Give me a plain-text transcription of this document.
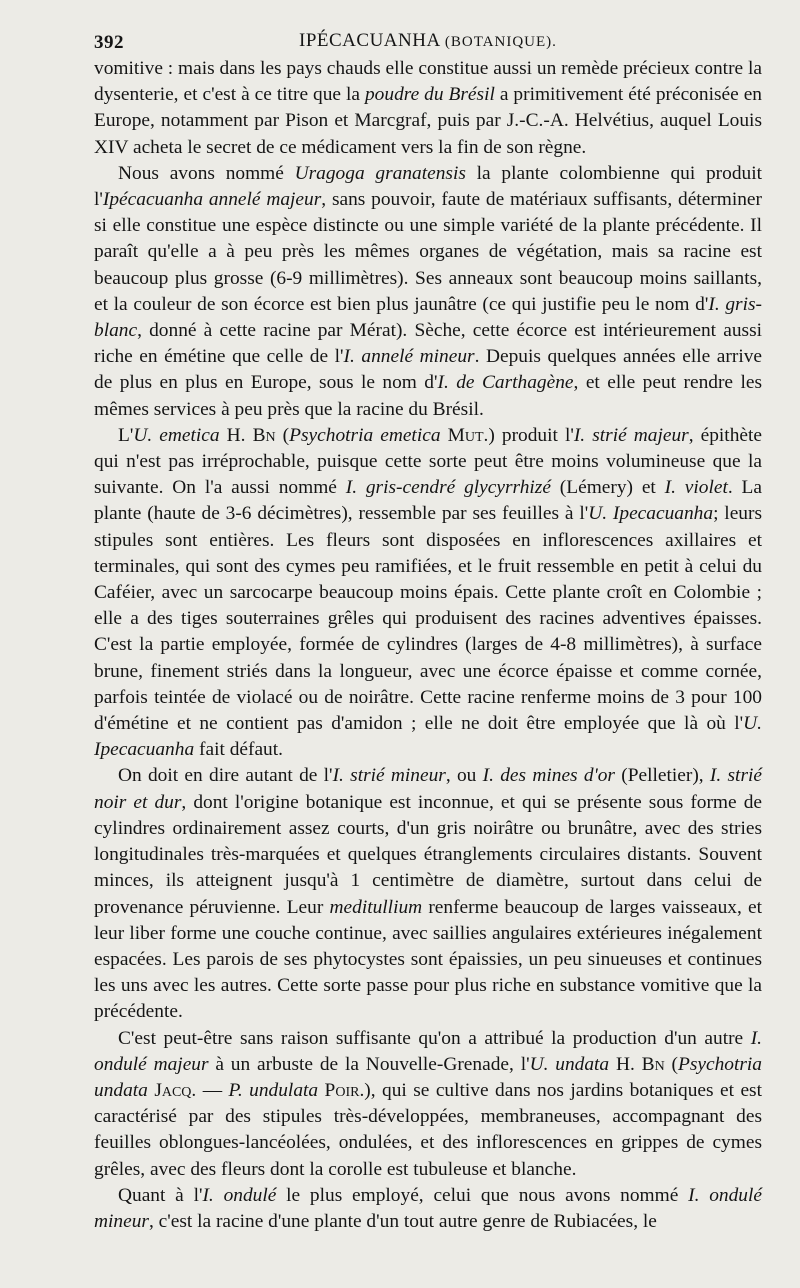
392	IPÉCACUANHA (BOTANIQUE).

vomitive : mais dans les pays chauds elle constitue aussi un remède précieux contre la dysenterie, et c'est à ce titre que la poudre du Brésil a primitivement été préconisée en Europe, notamment par Pison et Marcgraf, puis par J.-C.-A. Helvétius, auquel Louis XIV acheta le secret de ce médicament vers la fin de son règne.

Nous avons nommé Uragoga granatensis la plante colombienne qui produit l'Ipécacuanha annelé majeur, sans pouvoir, faute de matériaux suffisants, déterminer si elle constitue une espèce distincte ou une simple variété de la plante précédente. Il paraît qu'elle a à peu près les mêmes organes de végétation, mais sa racine est beaucoup plus grosse (6-9 millimètres). Ses anneaux sont beaucoup moins saillants, et la couleur de son écorce est bien plus jaunâtre (ce qui justifie peu le nom d'I. gris-blanc, donné à cette racine par Mérat). Sèche, cette écorce est intérieurement aussi riche en émétine que celle de l'I. annelé mineur. Depuis quelques années elle arrive de plus en plus en Europe, sous le nom d'I. de Carthagène, et elle peut rendre les mêmes services à peu près que la racine du Brésil.

L'U. emetica H. Bn (Psychotria emetica Mut.) produit l'I. strié majeur, épithète qui n'est pas irréprochable, puisque cette sorte peut être moins volumineuse que la suivante. On l'a aussi nommé I. gris-cendré glycyrrhizé (Lémery) et I. violet. La plante (haute de 3-6 décimètres), ressemble par ses feuilles à l'U. Ipecacuanha; leurs stipules sont entières. Les fleurs sont disposées en inflorescences axillaires et terminales, qui sont des cymes peu ramifiées, et le fruit ressemble en petit à celui du Caféier, avec un sarcocarpe beaucoup moins épais. Cette plante croît en Colombie ; elle a des tiges souterraines grêles qui produisent des racines adventives épaisses. C'est la partie employée, formée de cylindres (larges de 4-8 millimètres), à surface brune, finement striés dans la longueur, avec une écorce épaisse et comme cornée, parfois teintée de violacé ou de noirâtre. Cette racine renferme moins de 3 pour 100 d'émétine et ne contient pas d'amidon ; elle ne doit être employée que là où l'U. Ipecacuanha fait défaut.

On doit en dire autant de l'I. strié mineur, ou I. des mines d'or (Pelletier), I. strié noir et dur, dont l'origine botanique est inconnue, et qui se présente sous forme de cylindres ordinairement assez courts, d'un gris noirâtre ou brunâtre, avec des stries longitudinales très-marquées et quelques étranglements circulaires distants. Souvent minces, ils atteignent jusqu'à 1 centimètre de diamètre, surtout dans celui de provenance péruvienne. Leur meditullium renferme beaucoup de larges vaisseaux, et leur liber forme une couche continue, avec saillies angulaires extérieures inégalement espacées. Les parois de ses phytocystes sont épaissies, un peu sinueuses et continues les uns avec les autres. Cette sorte passe pour plus riche en substance vomitive que la précédente.

C'est peut-être sans raison suffisante qu'on a attribué la production d'un autre I. ondulé majeur à un arbuste de la Nouvelle-Grenade, l'U. undata H. Bn (Psychotria undata Jacq. — P. undulata Poir.), qui se cultive dans nos jardins botaniques et est caractérisé par des stipules très-développées, membraneuses, accompagnant des feuilles oblongues-lancéolées, ondulées, et des inflorescences en grippes de cymes grêles, avec des fleurs dont la corolle est tubuleuse et blanche.

Quant à l'I. ondulé le plus employé, celui que nous avons nommé I. ondulé mineur, c'est la racine d'une plante d'un tout autre genre de Rubiacées, le
